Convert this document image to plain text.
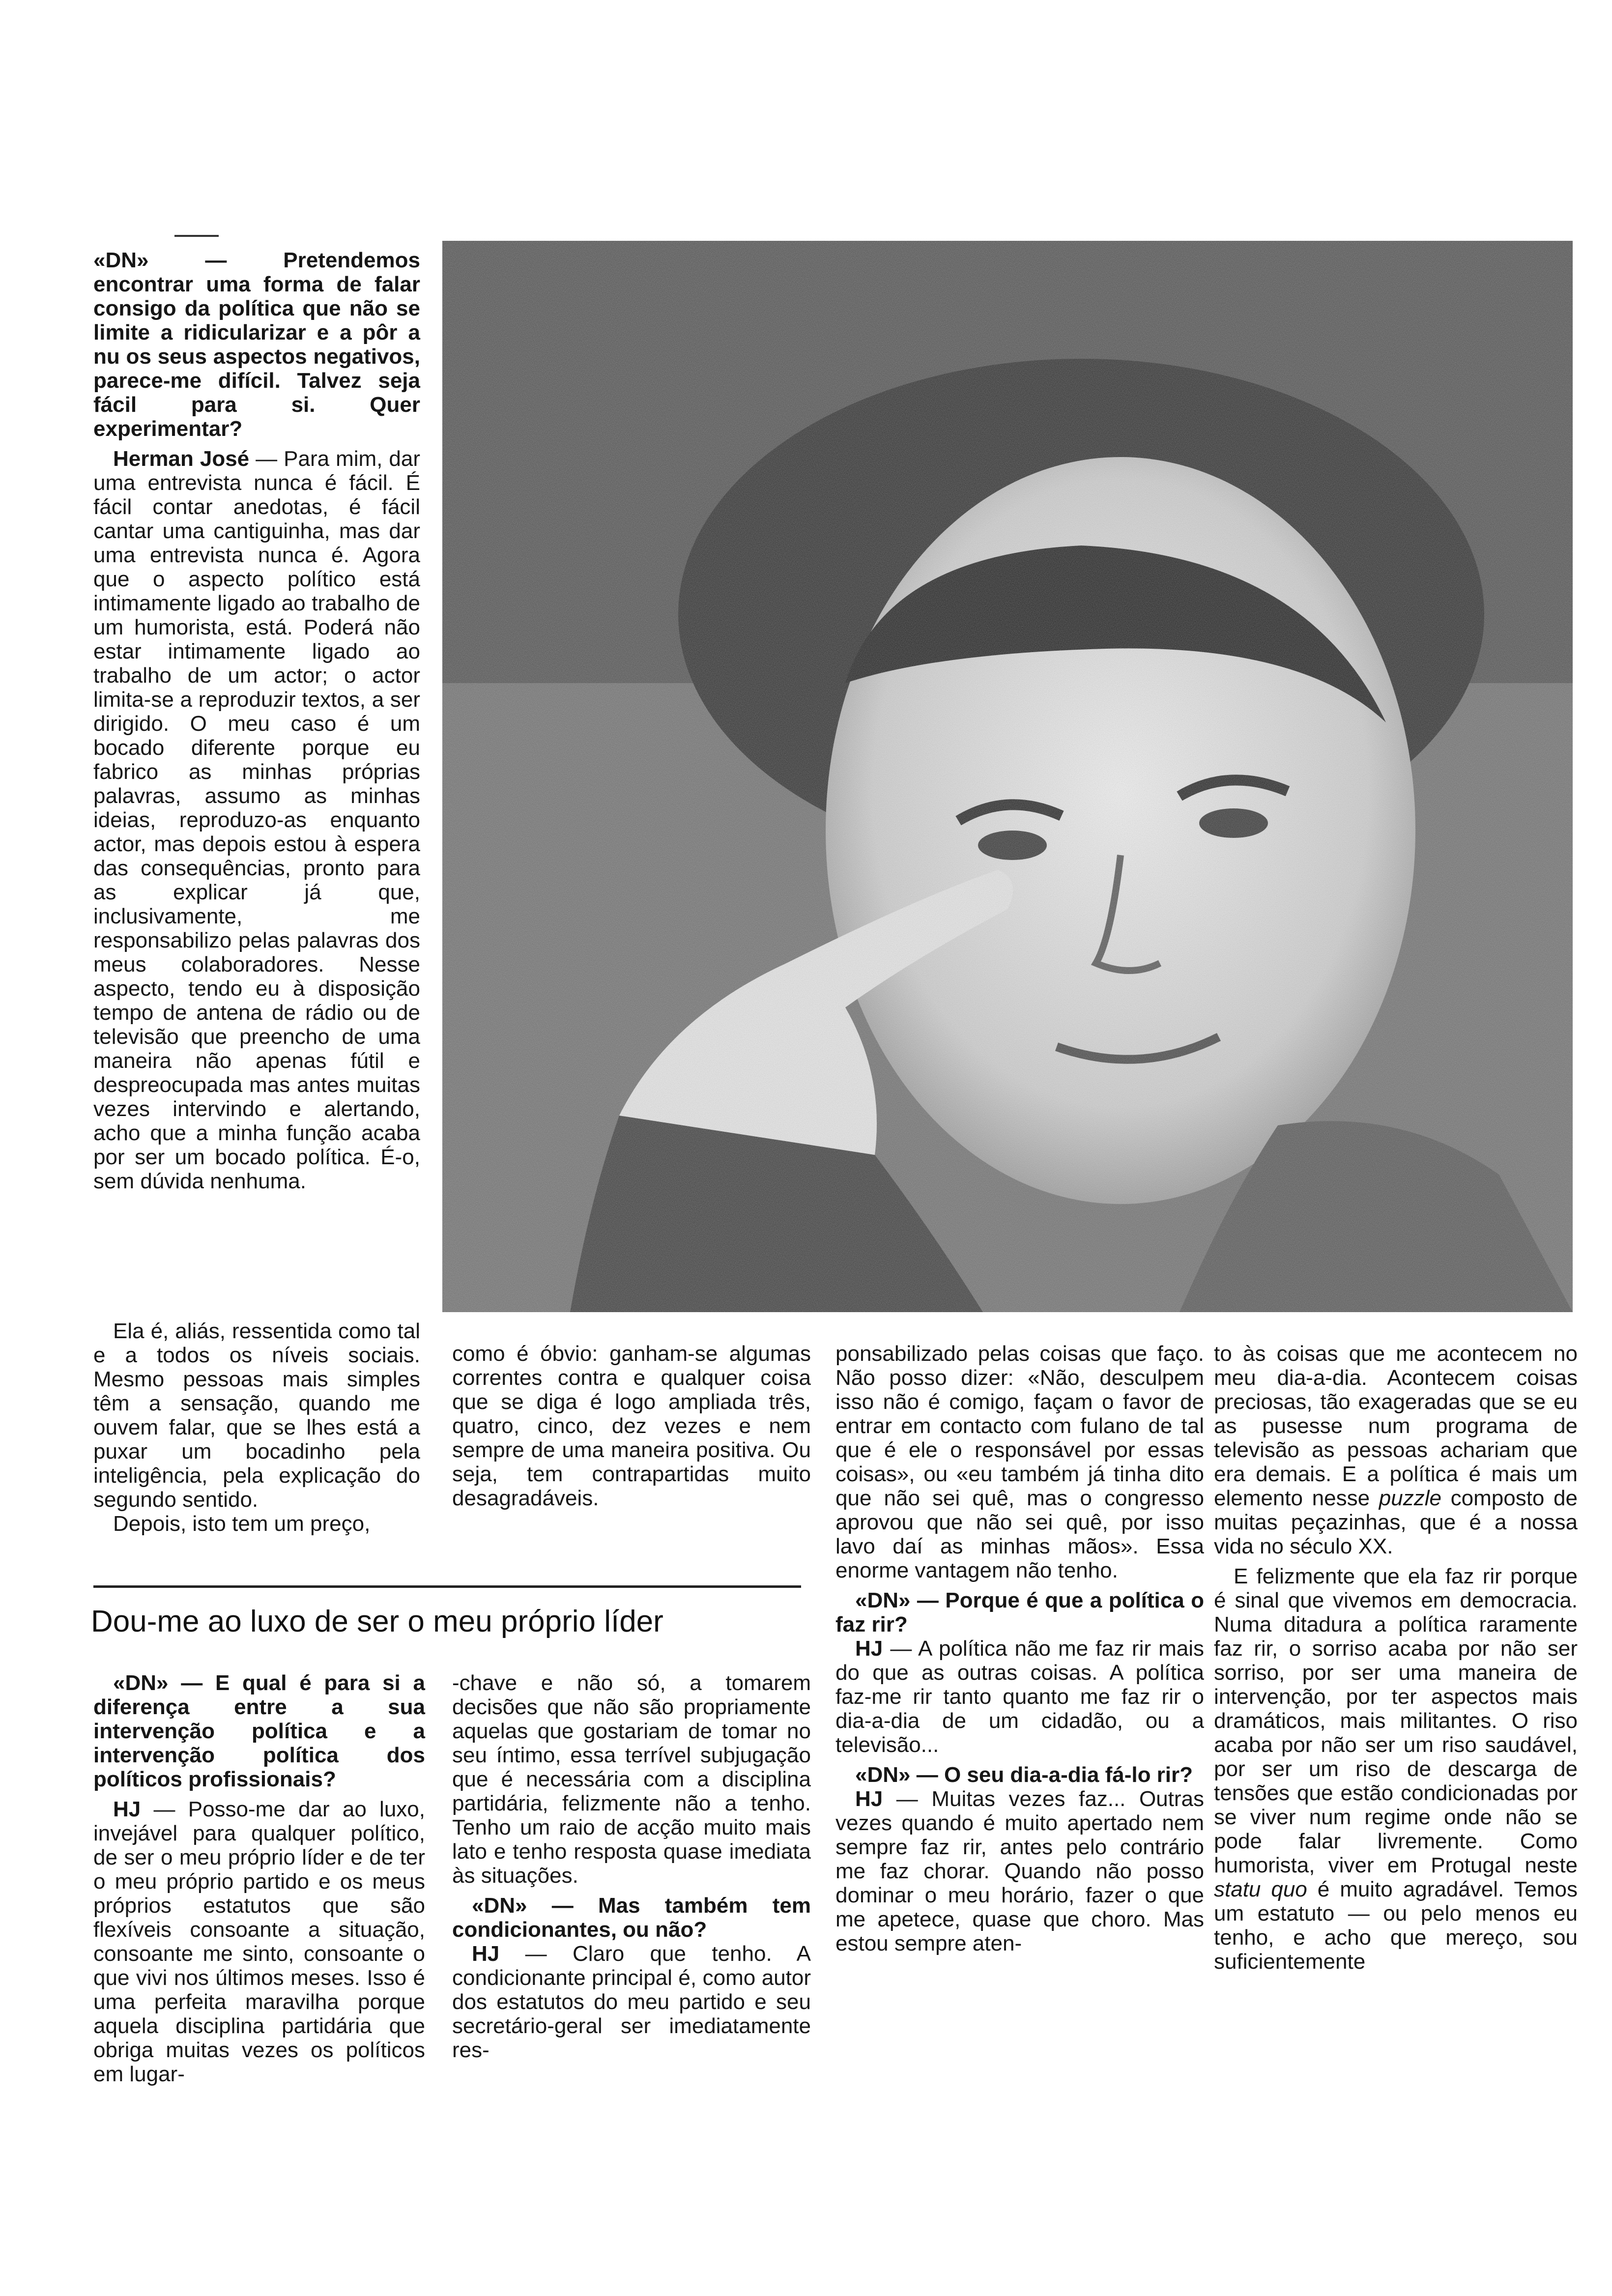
«DN» — Pretendemos encontrar uma forma de falar consigo da política que não se limite a ridicularizar e a pôr a nu os seus aspectos negativos, parece-me difícil. Talvez seja fácil para si. Quer experimentar?

Herman José — Para mim, dar uma entrevista nunca é fácil. É fácil contar anedotas, é fácil cantar uma cantiguinha, mas dar uma entrevista nunca é. Agora que o aspecto político está intimamente ligado ao trabalho de um humorista, está. Poderá não estar intimamente ligado ao trabalho de um actor; o actor limita-se a reproduzir textos, a ser dirigido. O meu caso é um bocado diferente porque eu fabrico as minhas próprias palavras, assumo as minhas ideias, reproduzo-as enquanto actor, mas depois estou à espera das consequências, pronto para as explicar já que, inclusivamente, me responsabilizo pelas palavras dos meus colaboradores. Nesse aspecto, tendo eu à disposição tempo de antena de rádio ou de televisão que preencho de uma maneira não apenas fútil e despreocupada mas antes muitas vezes intervindo e alertando, acho que a minha função acaba por ser um bocado política. É-o, sem dúvida nenhuma.

Ela é, aliás, ressentida como tal e a todos os níveis sociais. Mesmo pessoas mais simples têm a sensação, quando me ouvem falar, que se lhes está a puxar um bocadinho pela inteligência, pela explicação do segundo sentido.

Depois, isto tem um preço,

como é óbvio: ganham-se algumas correntes contra e qualquer coisa que se diga é logo ampliada três, quatro, cinco, dez vezes e nem sempre de uma maneira positiva. Ou seja, tem contrapartidas muito desagradáveis.

ponsabilizado pelas coisas que faço. Não posso dizer: «Não, desculpem isso não é comigo, façam o favor de entrar em contacto com fulano de tal que é ele o responsável por essas coisas», ou «eu também já tinha dito que não sei quê, mas o congresso aprovou que não sei quê, por isso lavo daí as minhas mãos». Essa enorme vantagem não tenho.

«DN» — Porque é que a política o faz rir?

HJ — A política não me faz rir mais do que as outras coisas. A política faz-me rir tanto quanto me faz rir o dia-a-dia de um cidadão, ou a televisão...

«DN» — O seu dia-a-dia fá-lo rir?

HJ — Muitas vezes faz... Outras vezes quando é muito apertado nem sempre faz rir, antes pelo contrário me faz chorar. Quando não posso dominar o meu horário, fazer o que me apetece, quase que choro. Mas estou sempre aten-

to às coisas que me acontecem no meu dia-a-dia. Acontecem coisas preciosas, tão exageradas que se eu as pusesse num programa de televisão as pessoas achariam que era demais. E a política é mais um elemento nesse puzzle composto de muitas peçazinhas, que é a nossa vida no século XX.

E felizmente que ela faz rir porque é sinal que vivemos em democracia. Numa ditadura a política raramente faz rir, o sorriso acaba por não ser sorriso, por ser uma maneira de intervenção, por ter aspectos mais dramáticos, mais militantes. O riso acaba por não ser um riso saudável, por ser um riso de descarga de tensões que estão condicionadas por se viver num regime onde não se pode falar livremente. Como humorista, viver em Protugal neste statu quo é muito agradável. Temos um estatuto — ou pelo menos eu tenho, e acho que mereço, sou suficientemente

Dou-me ao luxo de ser o meu próprio líder

«DN» — E qual é para si a diferença entre a sua intervenção política e a intervenção política dos políticos profissionais?

HJ — Posso-me dar ao luxo, invejável para qualquer político, de ser o meu próprio líder e de ter o meu próprio partido e os meus próprios estatutos que são flexíveis consoante a situação, consoante me sinto, consoante o que vivi nos últimos meses. Isso é uma perfeita maravilha porque aquela disciplina partidária que obriga muitas vezes os políticos em lugar-

-chave e não só, a tomarem decisões que não são propriamente aquelas que gostariam de tomar no seu íntimo, essa terrível subjugação que é necessária com a disciplina partidária, felizmente não a tenho. Tenho um raio de acção muito mais lato e tenho resposta quase imediata às situações.

«DN» — Mas também tem condicionantes, ou não?

HJ — Claro que tenho. A condicionante principal é, como autor dos estatutos do meu partido e seu secretário-geral ser imediatamente res-
